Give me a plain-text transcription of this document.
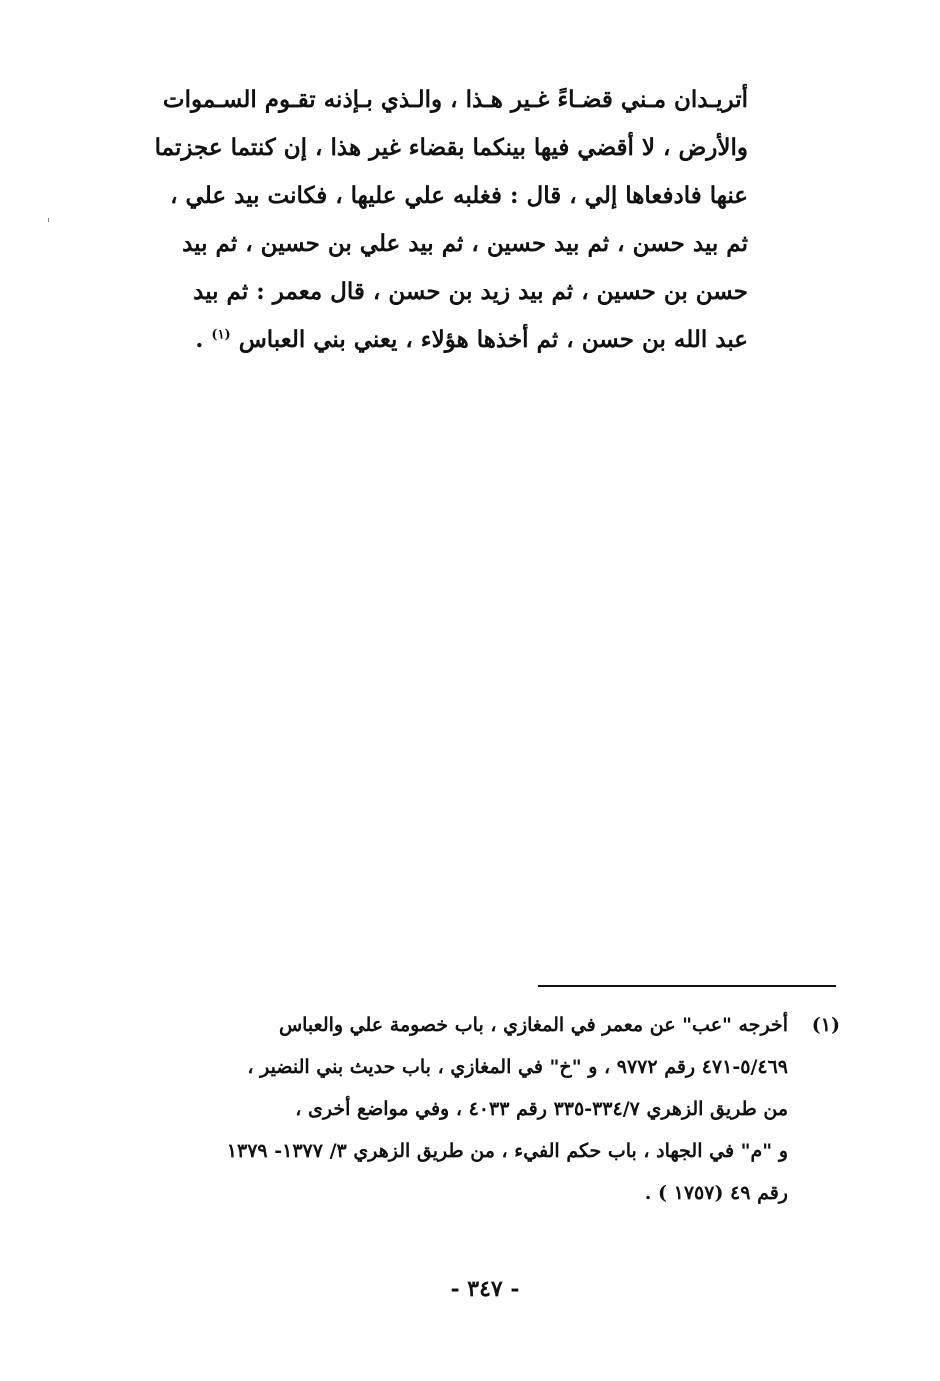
أتريـدان مـني قضـاءً غـير هـذا ، والـذي بـإذنه تقـوم السـموات
والأرض ، لا أقضي فيها بينكما بقضاء غير هذا ، إن كنتما عجزتما
عنها فادفعاها إلي ، قال : فغلبه علي عليها ، فكانت بيد علي ،
ثم بيد حسن ، ثم بيد حسين ، ثم بيد علي بن حسين ، ثم بيد
حسن بن حسين ، ثم بيد زيد بن حسن ، قال معمر : ثم بيد
عبد الله بن حسن ، ثم أخذها هؤلاء ، يعني بني العباس $^{(١)}$ .
(١)
أخرجه "عب" عن معمر في المغازي ، باب خصومة علي والعباس
٥/٤٦٩-٤٧١ رقم ٩٧٧٢ ، و "خ" في المغازي ، باب حديث بني النضير ،
من طريق الزهري ٣٣٤/٧-٣٣٥ رقم ٤٠٣٣ ، وفي مواضع أخرى ،
و "م" في الجهاد ، باب حكم الفيء ، من طريق الزهري ٣/ ١٣٧٧- ١٣٧٩
رقم ٤٩ (١٧٥٧ ) .
- ٣٤٧ -
